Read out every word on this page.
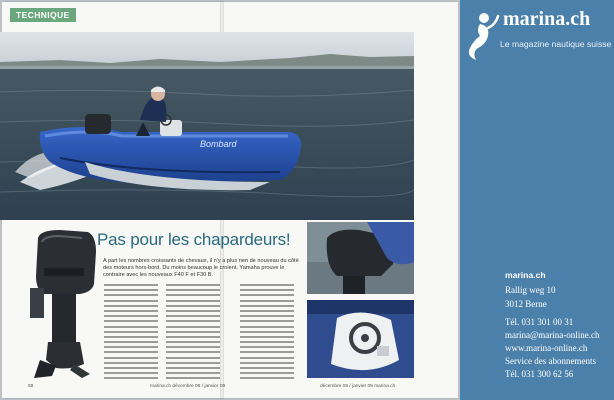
Bombard
TECHNIQUE
Pas pour les chapardeurs!

A part les nombres croissants de chevaux, il n'y a plus rien de nouveau du côté des moteurs hors-bord. Du moins beaucoup le croient. Yamaha prouve le contraire avec les nouveaux F40 F et F30 B.

68	marina.ch décembre 08 / janvier 09	décembre 08 / janvier 09 marina.ch
marina.ch
Le magazine nautique suisse
marina.ch
Rallig weg 10
3012 Berne
Tél. 031 301 00 31
marina@marina-online.ch
www.marina-online.ch
Service des abonnements
Tél. 031 300 62 56
